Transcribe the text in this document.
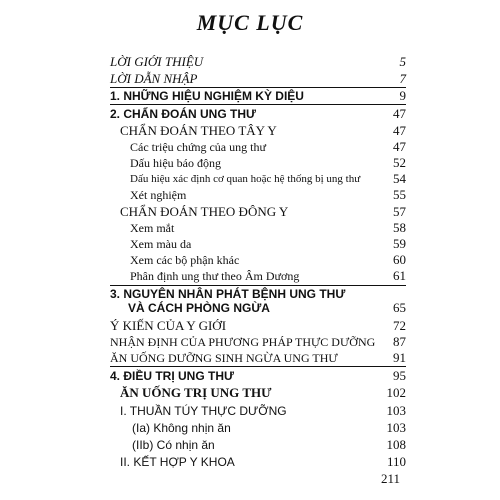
MỤC LỤC
LỜI GIỚI THIỆU	5
LỜI DẪN NHẬP	7
1. NHỮNG HIỆU NGHIỆM KỲ DIỆU	9
2. CHẨN ĐOÁN UNG THƯ	47
CHẨN ĐOÁN THEO TÂY Y	47
Các triệu chứng của ung thư	47
Dấu hiệu báo động	52
Dấu hiệu xác định cơ quan hoặc hệ thống bị ung thư	54
Xét nghiệm	55
CHẨN ĐOÁN THEO ĐÔNG Y	57
Xem mắt	58
Xem màu da	59
Xem các bộ phận khác	60
Phân định ung thư theo Âm Dương	61
3. NGUYÊN NHÂN PHÁT BỆNH UNG THƯ
VÀ CÁCH PHÒNG NGỪA	65
Ý KIẾN CỦA Y GIỚI	72
NHẬN ĐỊNH CỦA PHƯƠNG PHÁP THỰC DƯỠNG 87
ĂN UỐNG DƯỠNG SINH NGỪA UNG THƯ	91
4. ĐIỀU TRỊ UNG THƯ	95
ĂN UỐNG TRỊ UNG THƯ	102
I. THUẦN TÚY THỰC DƯỠNG	103
(Ia) Không nhịn ăn	103
(IIb) Có nhịn ăn	108
II. KẾT HỢP Y KHOA	110
211
